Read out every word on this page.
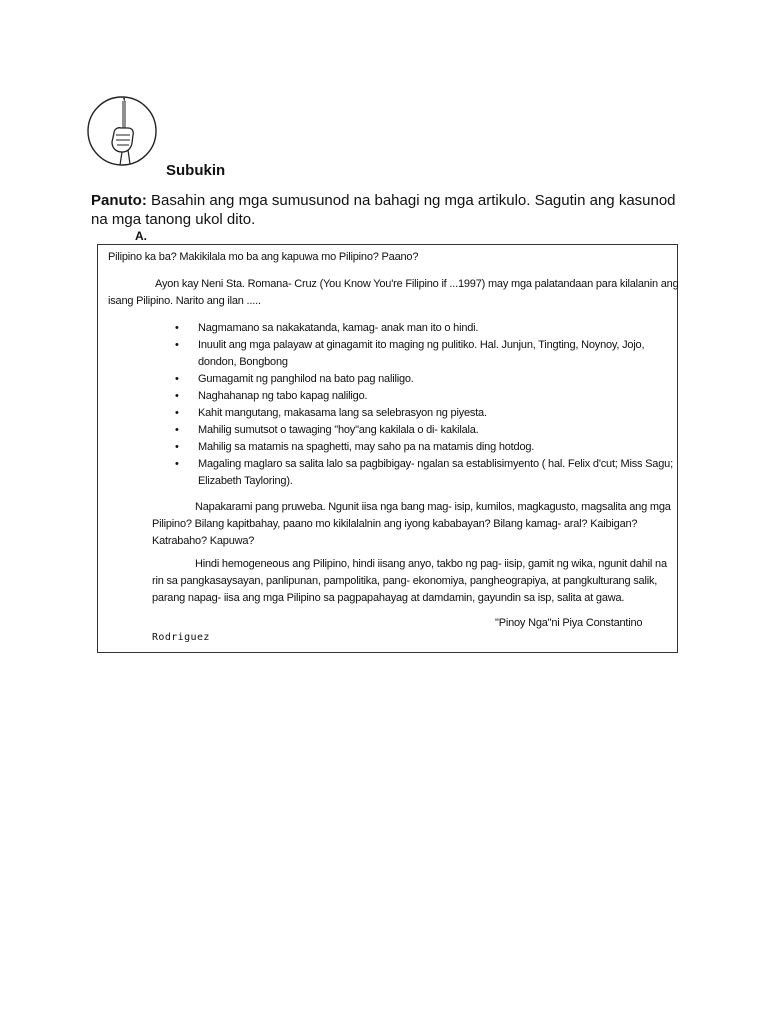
Subukin
Panuto: Basahin ang mga sumusunod na bahagi ng mga artikulo. Sagutin ang kasunod na mga tanong ukol dito.
A.
Pilipino ka ba? Makikilala mo ba ang kapuwa mo Pilipino? Paano?
Ayon kay Neni Sta. Romana- Cruz (You Know You're Filipino if ...1997) may mga palatandaan para kilalanin ang
isang Pilipino. Narito ang ilan .....
• Nagmamano sa nakakatanda, kamag- anak man ito o hindi.
• Inuulit ang mga palayaw at ginagamit ito maging ng pulitiko. Hal. Junjun, Tingting, Noynoy, Jojo,
dondon, Bongbong
• Gumagamit ng panghilod na bato pag naliligo.
• Naghahanap ng tabo kapag naliligo.
• Kahit mangutang, makasama lang sa selebrasyon ng piyesta.
• Mahilig sumutsot o tawaging "hoy"ang kakilala o di- kakilala.
• Mahilig sa matamis na spaghetti, may saho pa na matamis ding hotdog.
• Magaling maglaro sa salita lalo sa pagbibigay- ngalan sa establisimyento ( hal. Felix d'cut; Miss Sagu;
Elizabeth Tayloring).
Napakarami pang pruweba. Ngunit iisa nga bang mag- isip, kumilos, magkagusto, magsalita ang mga
Pilipino? Bilang kapitbahay, paano mo kikilalalnin ang iyong kababayan? Bilang kamag- aral? Kaibigan?
Katrabaho? Kapuwa?
Hindi hemogeneous ang Pilipino, hindi iisang anyo, takbo ng pag- iisip, gamit ng wika, ngunit dahil na
rin sa pangkasaysayan, panlipunan, pampolitika, pang- ekonomiya, pangheograpiya, at pangkulturang salik,
parang napag- iisa ang mga Pilipino sa pagpapahayag at damdamin, gayundin sa isp, salita at gawa.
"Pinoy Nga"ni Piya Constantino
Rodriguez
